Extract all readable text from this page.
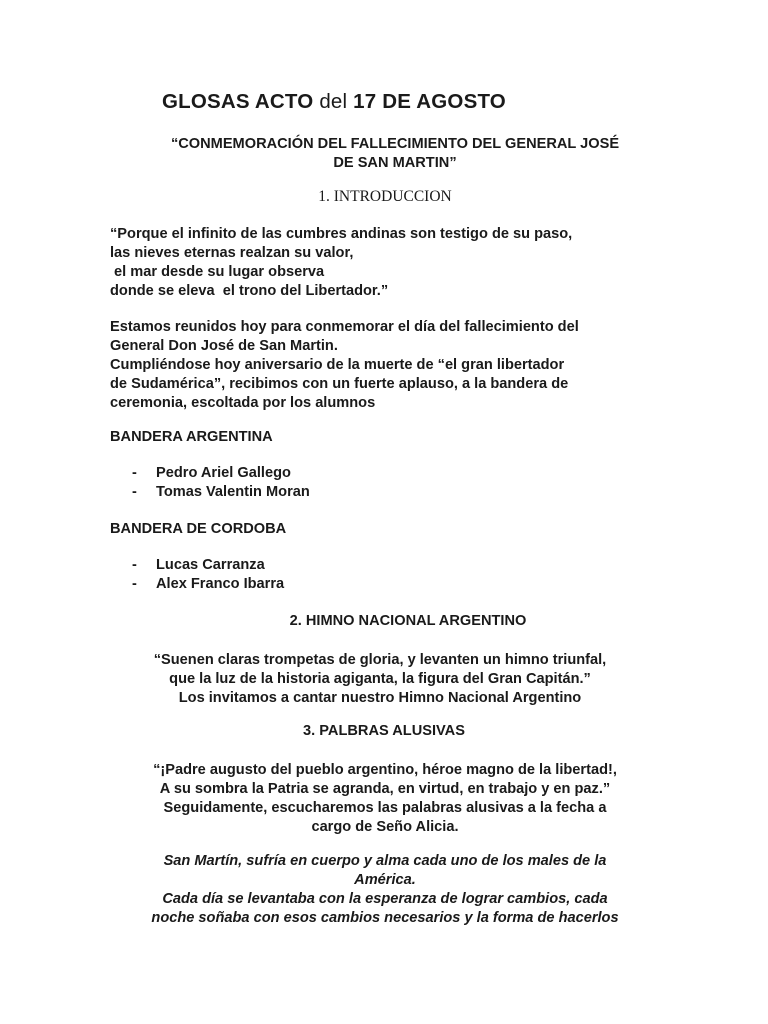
GLOSAS ACTO del 17 DE AGOSTO
“CONMEMORACIÓN DEL FALLECIMIENTO DEL GENERAL JOSÉ
DE SAN MARTIN”
1. INTRODUCCION
“Porque el infinito de las cumbres andinas son testigo de su paso,
las nieves eternas realzan su valor,
el mar desde su lugar observa
donde se eleva  el trono del Libertador.”
Estamos reunidos hoy para conmemorar el día del fallecimiento del
General Don José de San Martin.
Cumpliéndose hoy aniversario de la muerte de “el gran libertador
de Sudamérica”, recibimos con un fuerte aplauso, a la bandera de
ceremonia, escoltada por los alumnos
BANDERA ARGENTINA
- Pedro Ariel Gallego
- Tomas Valentin Moran
BANDERA DE CORDOBA
- Lucas Carranza
- Alex Franco Ibarra
2. HIMNO NACIONAL ARGENTINO
“Suenen claras trompetas de gloria, y levanten un himno triunfal,
que la luz de la historia agiganta, la figura del Gran Capitán.”
Los invitamos a cantar nuestro Himno Nacional Argentino
3. PALBRAS ALUSIVAS
“¡Padre augusto del pueblo argentino, héroe magno de la libertad!,
A su sombra la Patria se agranda, en virtud, en trabajo y en paz.”
Seguidamente, escucharemos las palabras alusivas a la fecha a
cargo de Seño Alicia.
San Martín, sufría en cuerpo y alma cada uno de los males de la
América.
Cada día se levantaba con la esperanza de lograr cambios, cada
noche soñaba con esos cambios necesarios y la forma de hacerlos
